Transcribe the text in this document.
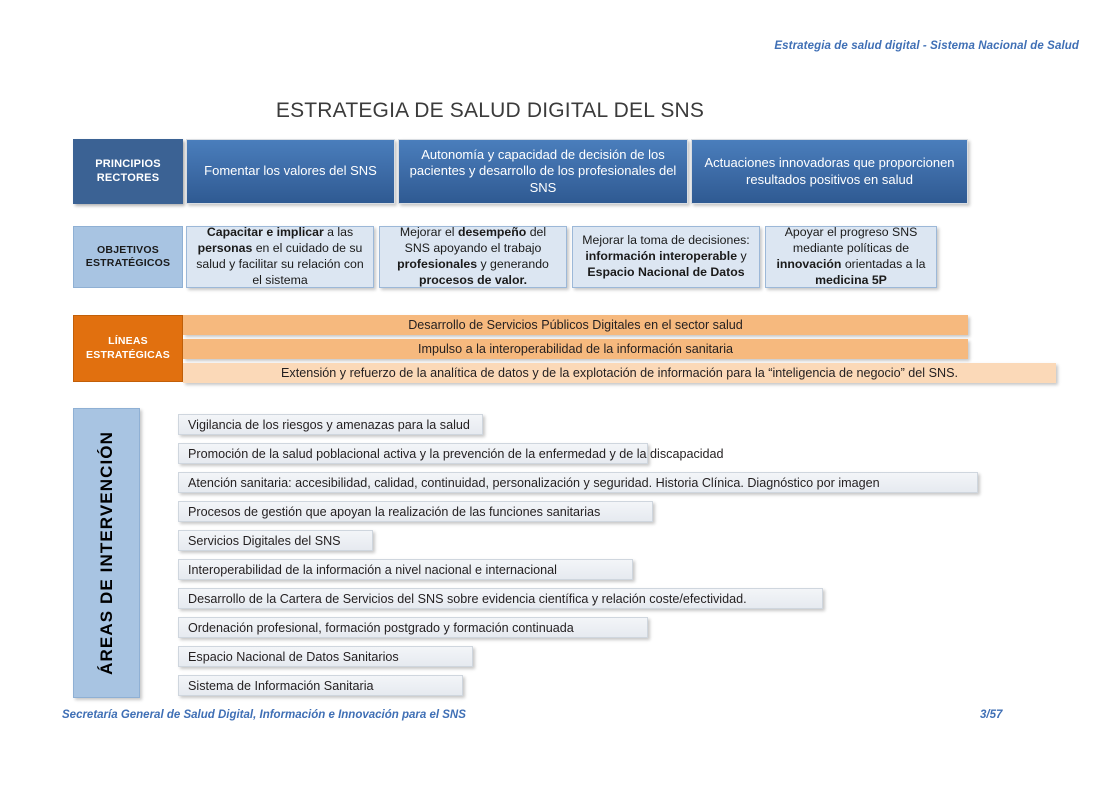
Estrategia de salud digital - Sistema Nacional de Salud
ESTRATEGIA DE SALUD DIGITAL DEL SNS
PRINCIPIOS RECTORES	Fomentar los valores del SNS
Autonomía y capacidad de decisión de los pacientes y desarrollo de los profesionales del SNS
Actuaciones innovadoras que proporcionen resultados positivos en salud
OBJETIVOS ESTRATÉGICOS
Capacitar e implicar a las personas en el cuidado de su salud y facilitar su relación con el sistema
Mejorar el desempeño del SNS apoyando el trabajo profesionales y generando procesos de valor.
Mejorar la toma de decisiones: información interoperable y Espacio Nacional de Datos
Apoyar el progreso SNS mediante políticas de innovación orientadas a la medicina 5P
LÍNEAS ESTRATÉGICAS
Desarrollo de Servicios Públicos Digitales en el sector salud
Impulso a la interoperabilidad de la información sanitaria
Extensión y refuerzo de la analítica de datos y de la explotación de información para la “inteligencia de negocio” del SNS.
ÁREAS DE INTERVENCIÓN
Vigilancia de los riesgos y amenazas para la salud
Promoción de la salud poblacional activa y la prevención de la enfermedad y de la discapacidad
Atención sanitaria: accesibilidad, calidad, continuidad, personalización y seguridad. Historia Clínica. Diagnóstico por imagen
Procesos de gestión que apoyan la realización de las funciones sanitarias
Servicios Digitales del SNS
Interoperabilidad de la información a nivel nacional e internacional
Desarrollo de la Cartera de Servicios del SNS sobre evidencia científica y relación coste/efectividad.
Ordenación profesional, formación postgrado y formación continuada
Espacio Nacional de Datos Sanitarios
Sistema de Información Sanitaria
Secretaría General de Salud Digital, Información e Innovación para el SNS	3/57
